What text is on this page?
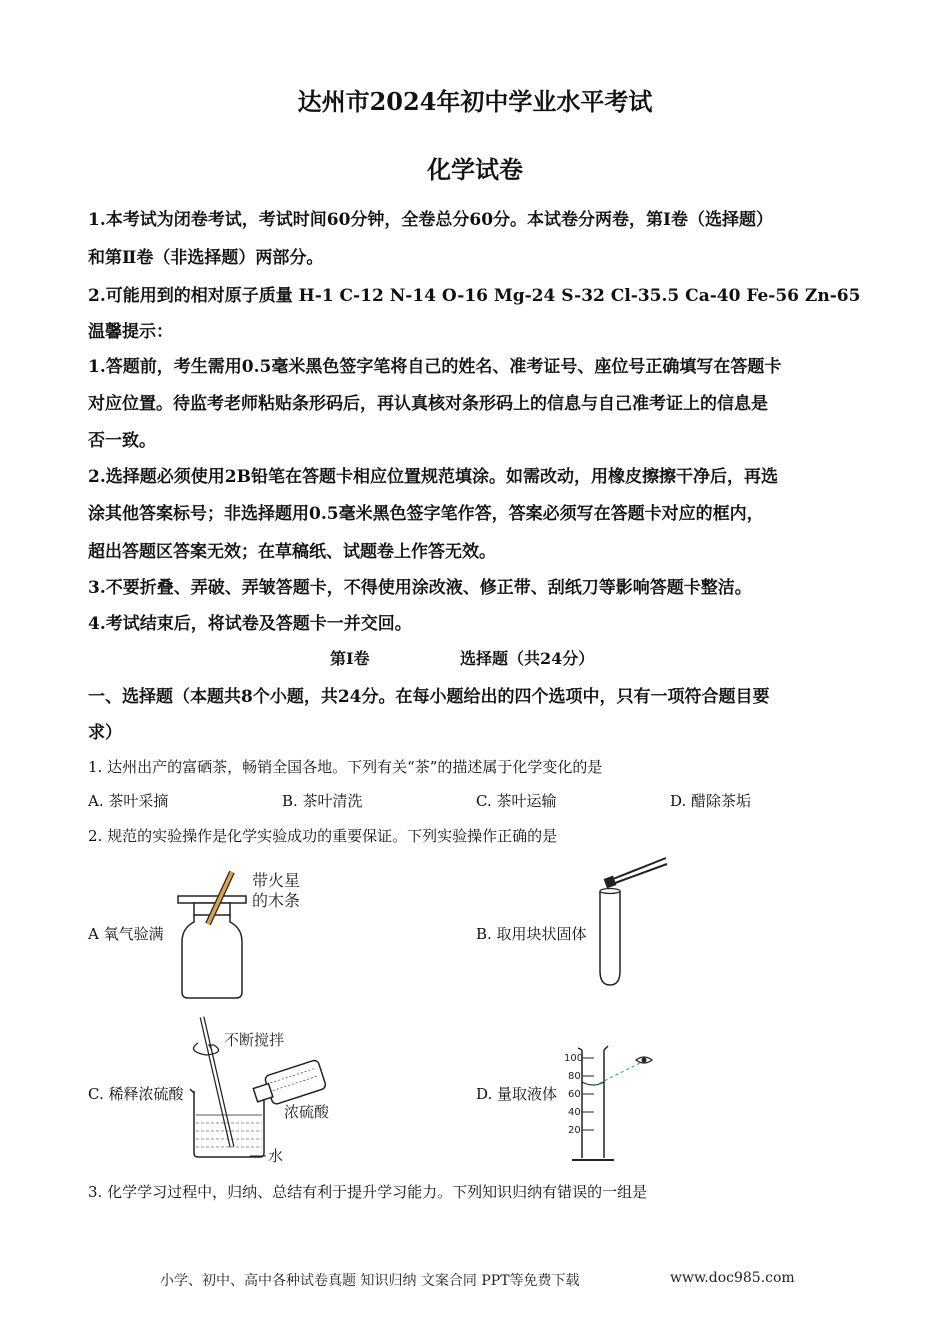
达州市2024年初中学业水平考试
化学试卷
1.本考试为闭卷考试，考试时间60分钟，全卷总分60分。本试卷分两卷，第I卷（选择题）
和第Ⅱ卷（非选择题）两部分。
2.可能用到的相对原子质量 H-1 C-12 N-14 O-16 Mg-24 S-32 Cl-35.5 Ca-40 Fe-56 Zn-65
温馨提示：
1.答题前，考生需用0.5毫米黑色签字笔将自己的姓名、准考证号、座位号正确填写在答题卡
对应位置。待监考老师粘贴条形码后，再认真核对条形码上的信息与自己准考证上的信息是
否一致。
2.选择题必须使用2B铅笔在答题卡相应位置规范填涂。如需改动，用橡皮擦擦干净后，再选
涂其他答案标号；非选择题用0.5毫米黑色签字笔作答，答案必须写在答题卡对应的框内，
超出答题区答案无效；在草稿纸、试题卷上作答无效。
3.不要折叠、弄破、弄皱答题卡，不得使用涂改液、修正带、刮纸刀等影响答题卡整洁。
4.考试结束后，将试卷及答题卡一并交回。
第I卷	选择题（共24分）
一、选择题（本题共8个小题，共24分。在每小题给出的四个选项中，只有一项符合题目要
求）
1. 达州出产的富硒茶，畅销全国各地。下列有关“茶”的描述属于化学变化的是
A. 茶叶采摘	B. 茶叶清洗	C. 茶叶运输	D. 醋除茶垢
2. 规范的实验操作是化学实验成功的重要保证。下列实验操作正确的是
A 氧气验满
带火星
的木条
B. 取用块状固体
C. 稀释浓硫酸
不断搅拌
浓硫酸
水
D. 量取液体
100
80
60
40
20
3. 化学学习过程中，归纳、总结有利于提升学习能力。下列知识归纳有错误的一组是
小学、初中、高中各种试卷真题 知识归纳 文案合同 PPT等免费下载	www.doc985.com
